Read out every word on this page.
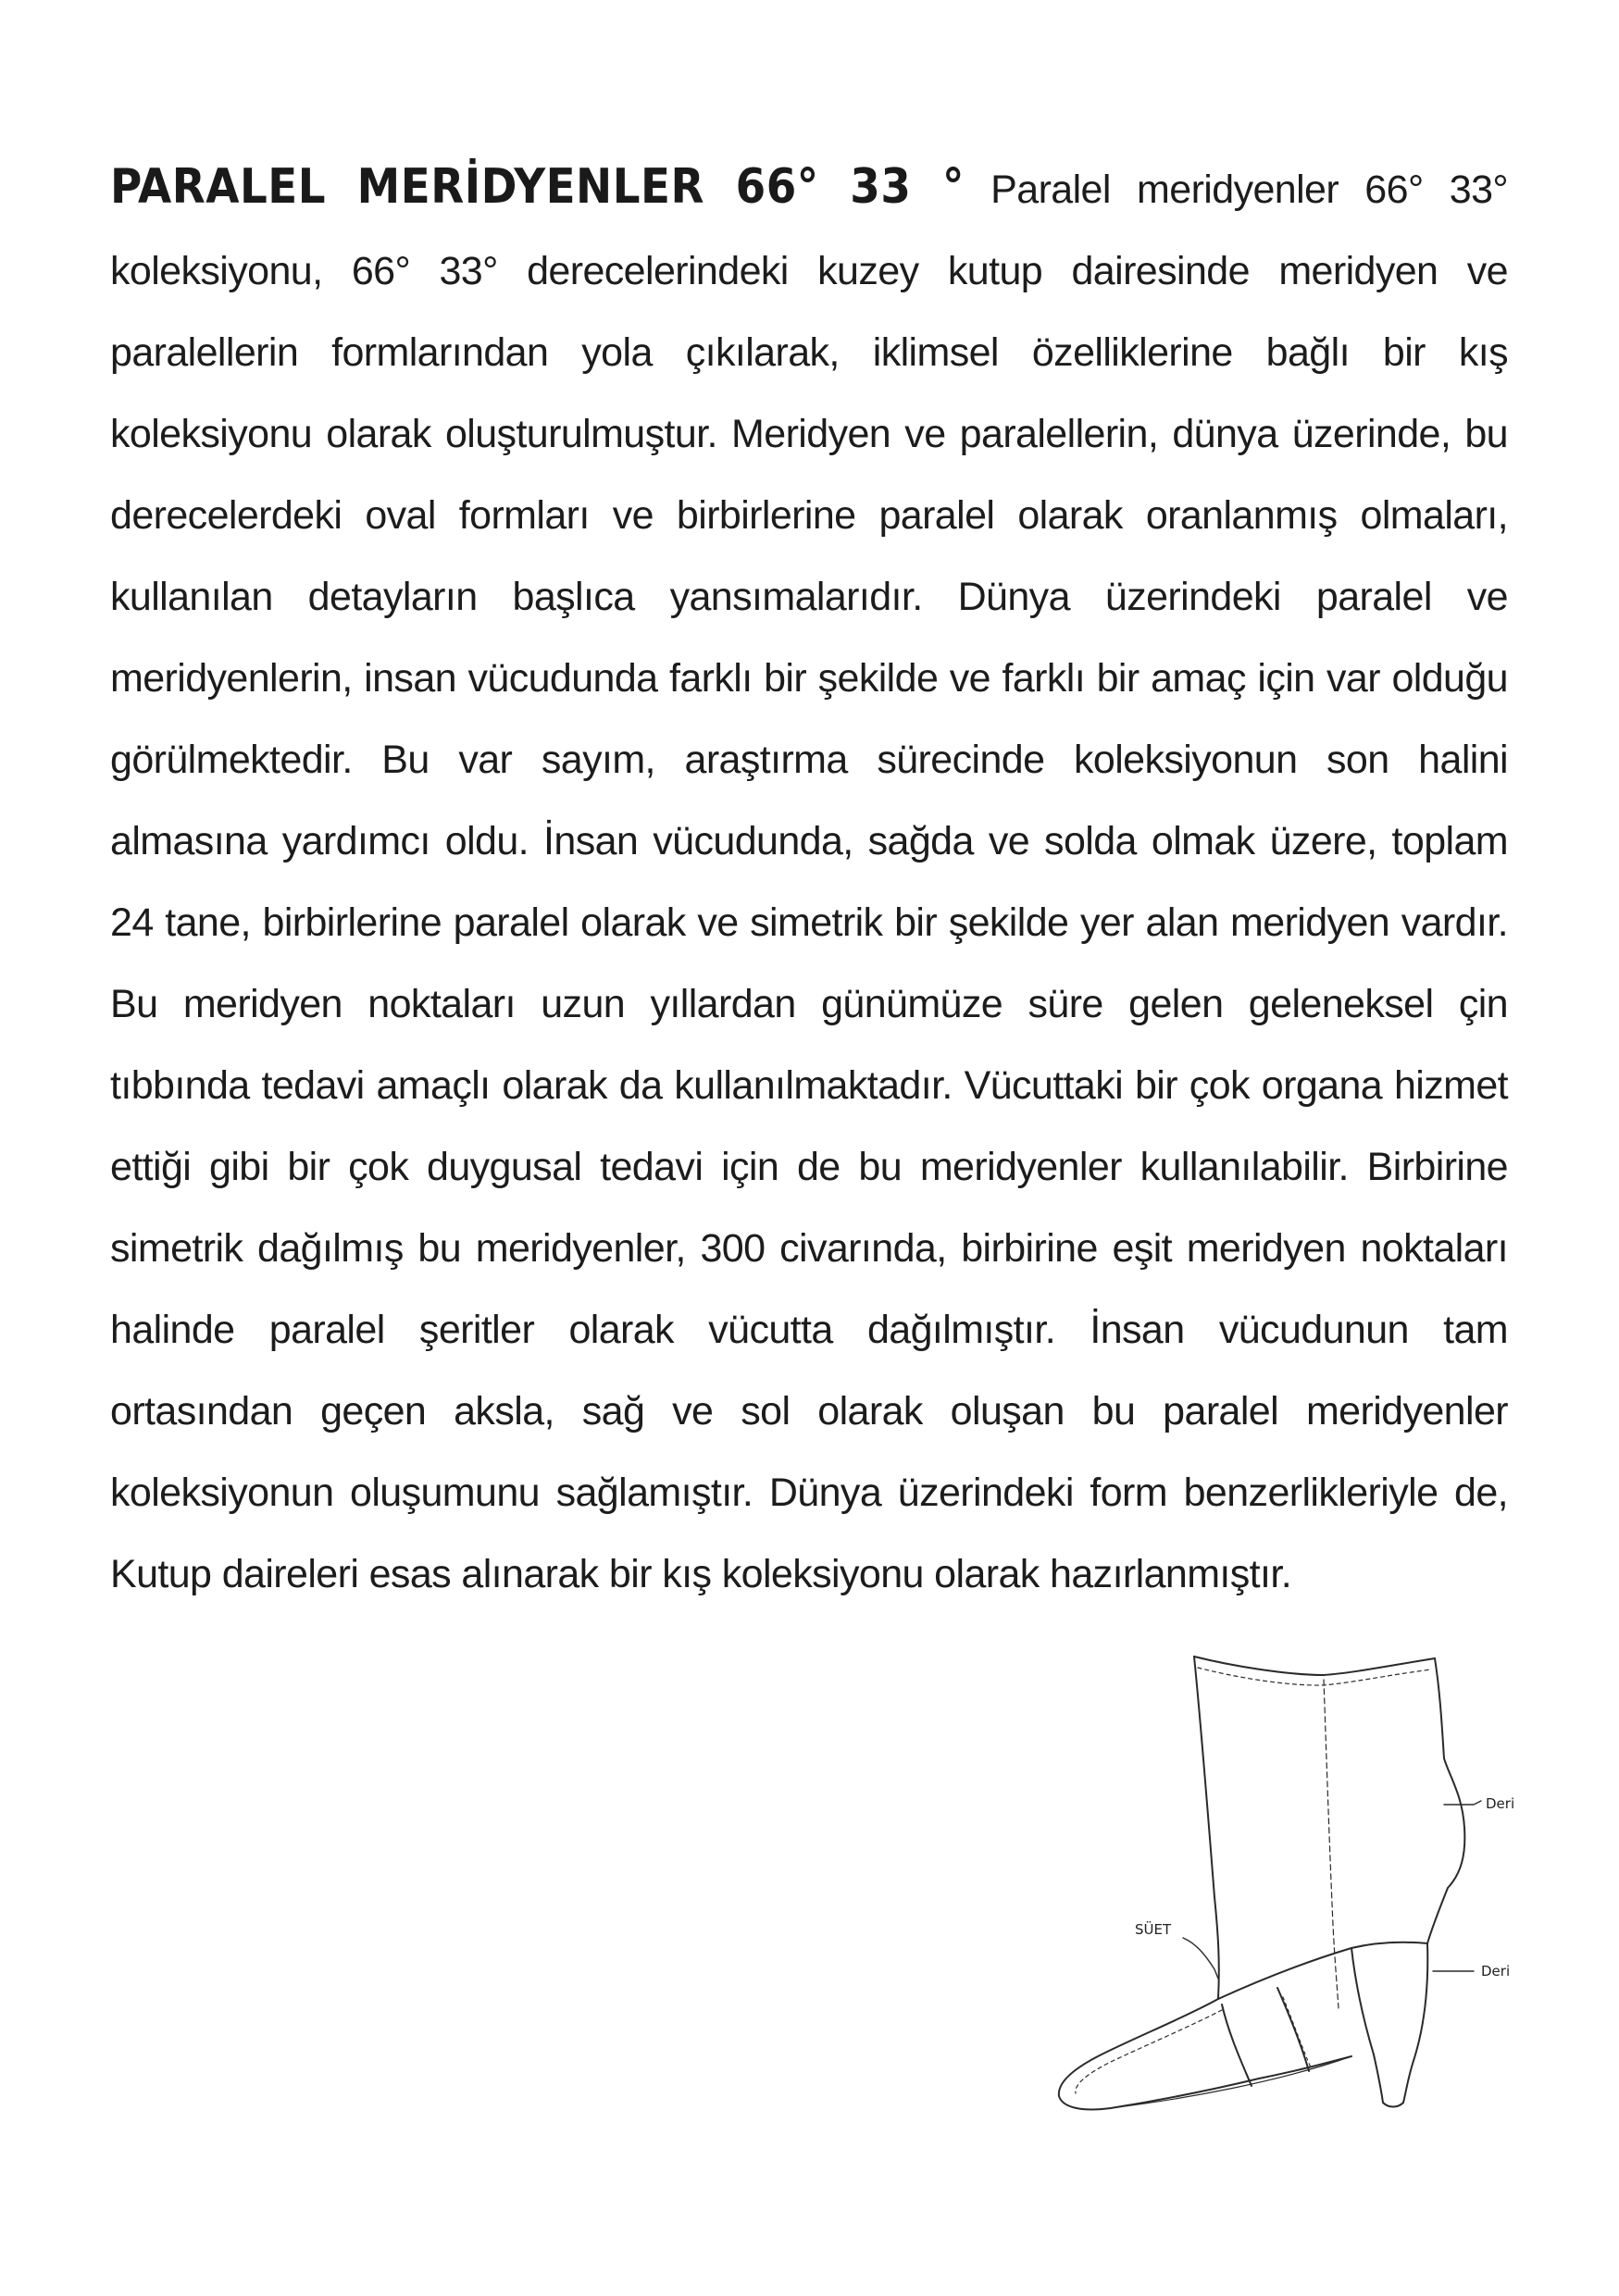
PARALEL MERİDYENLER 66° 33 ° Paralel meridyenler 66° 33° koleksiyonu, 66° 33° derecelerindeki kuzey kutup dairesinde meridyen ve paralellerin formlarından yola çıkılarak, iklimsel özelliklerine bağlı bir kış koleksiyonu olarak oluşturulmuştur. Meridyen ve paralellerin, dünya üzerinde, bu derecelerdeki oval formları ve birbirlerine paralel olarak oranlanmış olmaları, kullanılan detayların başlıca yansımalarıdır. Dünya üzerindeki paralel ve meridyenlerin, insan vücudunda farklı bir şekilde ve farklı bir amaç için var olduğu görülmektedir. Bu var sayım, araştırma sürecinde koleksiyonun son halini almasına yardımcı oldu. İnsan vücudunda, sağda ve solda olmak üzere, toplam 24 tane, birbirlerine paralel olarak ve simetrik bir şekilde yer alan meridyen vardır. Bu meridyen noktaları uzun yıllardan günümüze süre gelen geleneksel çin tıbbında tedavi amaçlı olarak da kullanılmaktadır. Vücuttaki bir çok organa hizmet ettiği gibi bir çok duygusal tedavi için de bu meridyenler kullanılabilir. Birbirine simetrik dağılmış bu meridyenler, 300 civarında, birbirine eşit meridyen noktaları halinde paralel şeritler olarak vücutta dağılmıştır. İnsan vücudunun tam ortasından geçen aksla, sağ ve sol olarak oluşan bu paralel meridyenler koleksiyonun oluşumunu sağlamıştır. Dünya üzerindeki form benzerlikleriyle de, Kutup daireleri esas alınarak bir kış koleksiyonu olarak hazırlanmıştır.

Deri
Deri
SÜET
